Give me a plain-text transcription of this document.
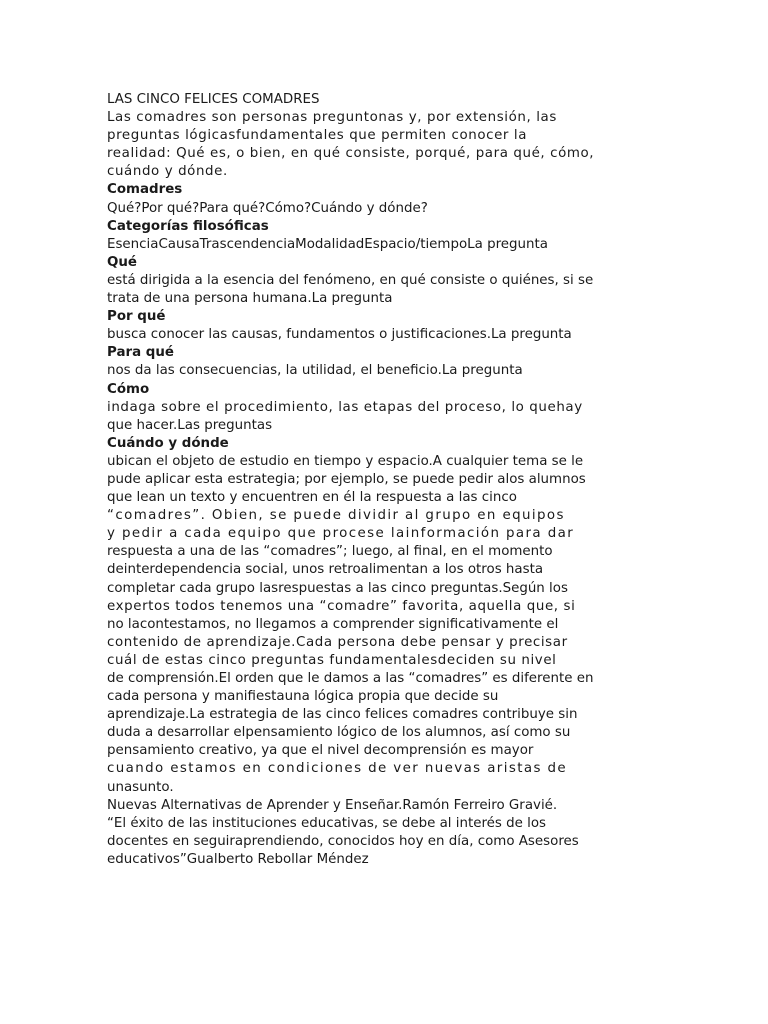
LAS CINCO FELICES COMADRES

Las comadres son personas preguntonas y, por extensión, las
preguntas lógicasfundamentales que permiten conocer la
realidad: Qué es, o bien, en qué consiste, porqué, para qué, cómo,
cuándo y dónde.

Comadres

Qué?Por qué?Para qué?Cómo?Cuándo y dónde?

Categorías filosóficas

EsenciaCausaTrascendenciaModalidadEspacio/tiempoLa pregunta

Qué

está dirigida a la esencia del fenómeno, en qué consiste o quiénes, si se
trata de una persona humana.La pregunta

Por qué

busca conocer las causas, fundamentos o justificaciones.La pregunta

Para qué

nos da las consecuencias, la utilidad, el beneficio.La pregunta

Cómo

indaga sobre el procedimiento, las etapas del proceso, lo quehay
que hacer.Las preguntas

Cuándo y dónde

ubican el objeto de estudio en tiempo y espacio.A cualquier tema se le
pude aplicar esta estrategia; por ejemplo, se puede pedir alos alumnos
que lean un texto y encuentren en él la respuesta a las cinco
“comadres”. Obien, se puede dividir al grupo en equipos
y pedir a cada equipo que procese lainformación para dar
respuesta a una de las “comadres”; luego, al final, en el momento
deinterdependencia social, unos retroalimentan a los otros hasta
completar cada grupo lasrespuestas a las cinco preguntas.Según los
expertos todos tenemos una “comadre” favorita, aquella que, si
no lacontestamos, no llegamos a comprender significativamente el
contenido de aprendizaje.Cada persona debe pensar y precisar
cuál de estas cinco preguntas fundamentalesdeciden su nivel
de comprensión.El orden que le damos a las “comadres” es diferente en
cada persona y manifiestauna lógica propia que decide su
aprendizaje.La estrategia de las cinco felices comadres contribuye sin
duda a desarrollar elpensamiento lógico de los alumnos, así como su
pensamiento creativo, ya que el nivel decomprensión es mayor
cuando estamos en condiciones de ver nuevas aristas de
unasunto.

Nuevas Alternativas de Aprender y Enseñar.Ramón Ferreiro Gravié.

“El éxito de las instituciones educativas, se debe al interés de los
docentes en seguiraprendiendo, conocidos hoy en día, como Asesores
educativos”Gualberto Rebollar Méndez
